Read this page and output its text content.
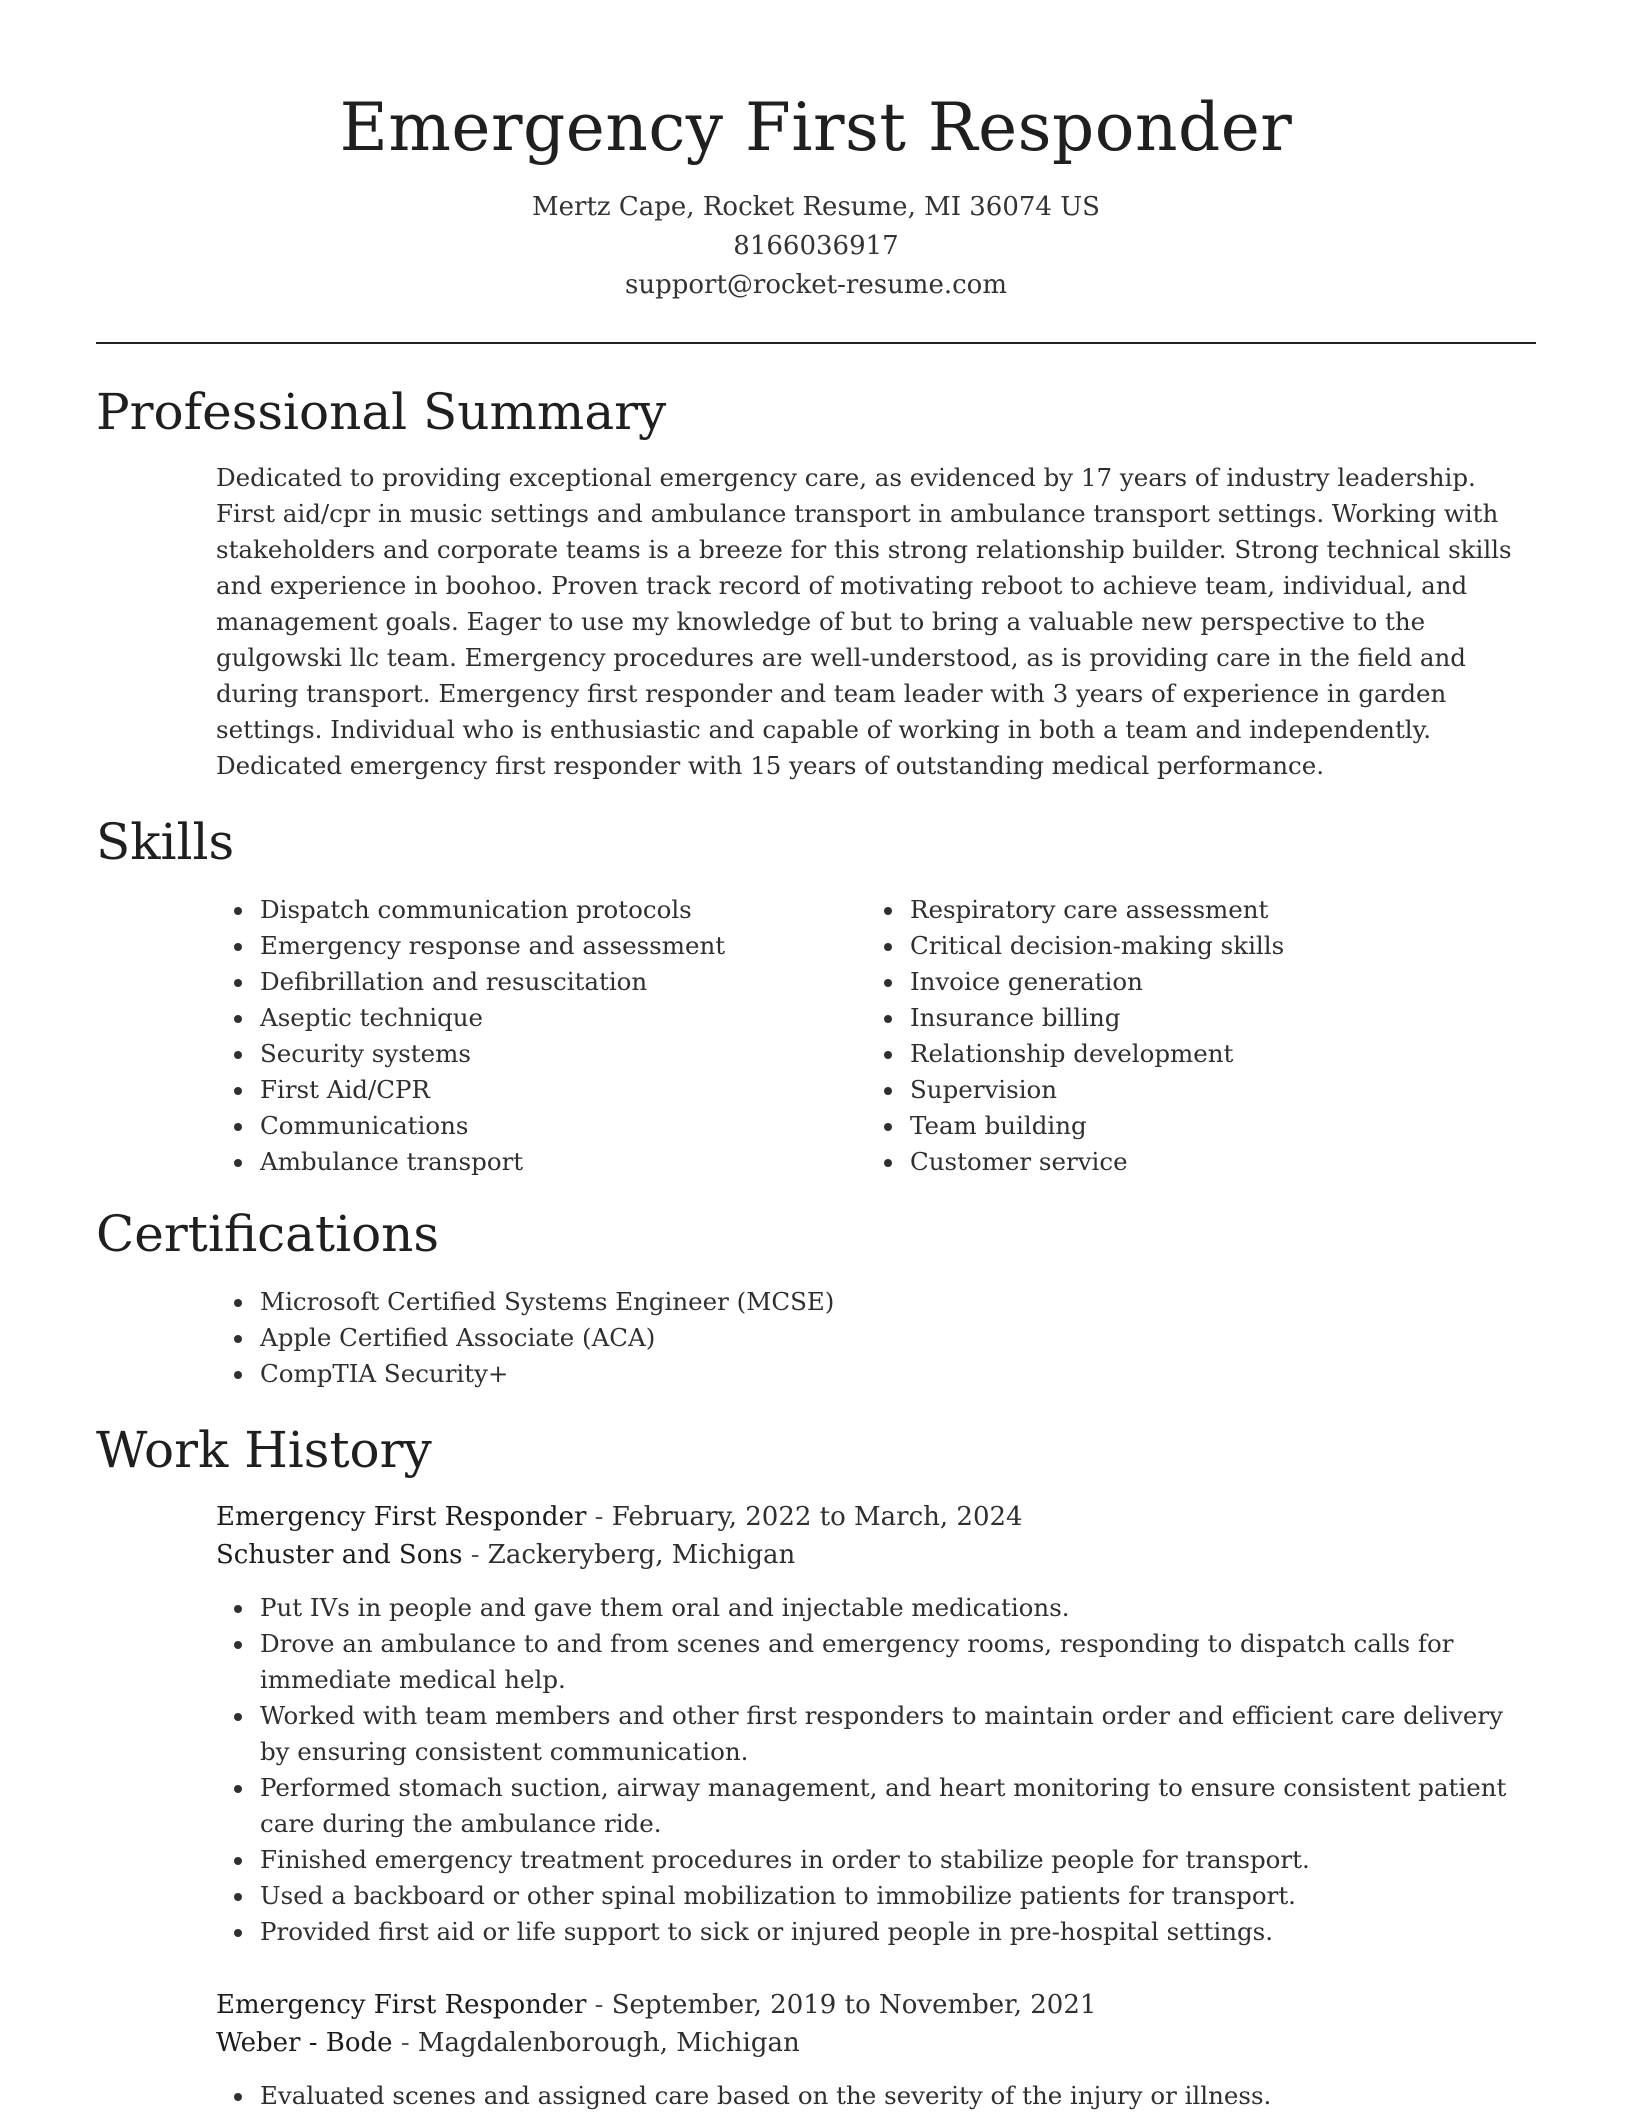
Emergency First Responder
Mertz Cape, Rocket Resume, MI 36074 US
8166036917
support@rocket-resume.com
Professional Summary

Dedicated to providing exceptional emergency care, as evidenced by 17 years of industry leadership. First aid/cpr in music settings and ambulance transport in ambulance transport settings. Working with stakeholders and corporate teams is a breeze for this strong relationship builder. Strong technical skills and experience in boohoo. Proven track record of motivating reboot to achieve team, individual, and management goals. Eager to use my knowledge of but to bring a valuable new perspective to the gulgowski llc team. Emergency procedures are well-understood, as is providing care in the field and during transport. Emergency first responder and team leader with 3 years of experience in garden settings. Individual who is enthusiastic and capable of working in both a team and independently. Dedicated emergency first responder with 15 years of outstanding medical performance.

Skills
Dispatch communication protocols
Emergency response and assessment
Defibrillation and resuscitation
Aseptic technique
Security systems
First Aid/CPR
Communications
Ambulance transport
Respiratory care assessment
Critical decision-making skills
Invoice generation
Insurance billing
Relationship development
Supervision
Team building
Customer service
Certifications
Microsoft Certified Systems Engineer (MCSE)
Apple Certified Associate (ACA)
CompTIA Security+
Work History
Emergency First Responder - February, 2022 to March, 2024
Schuster and Sons - Zackeryberg, Michigan
Put IVs in people and gave them oral and injectable medications.
Drove an ambulance to and from scenes and emergency rooms, responding to dispatch calls for immediate medical help.
Worked with team members and other first responders to maintain order and efficient care delivery by ensuring consistent communication.
Performed stomach suction, airway management, and heart monitoring to ensure consistent patient care during the ambulance ride.
Finished emergency treatment procedures in order to stabilize people for transport.
Used a backboard or other spinal mobilization to immobilize patients for transport.
Provided first aid or life support to sick or injured people in pre-hospital settings.
Emergency First Responder - September, 2019 to November, 2021
Weber - Bode - Magdalenborough, Michigan
Evaluated scenes and assigned care based on the severity of the injury or illness.
